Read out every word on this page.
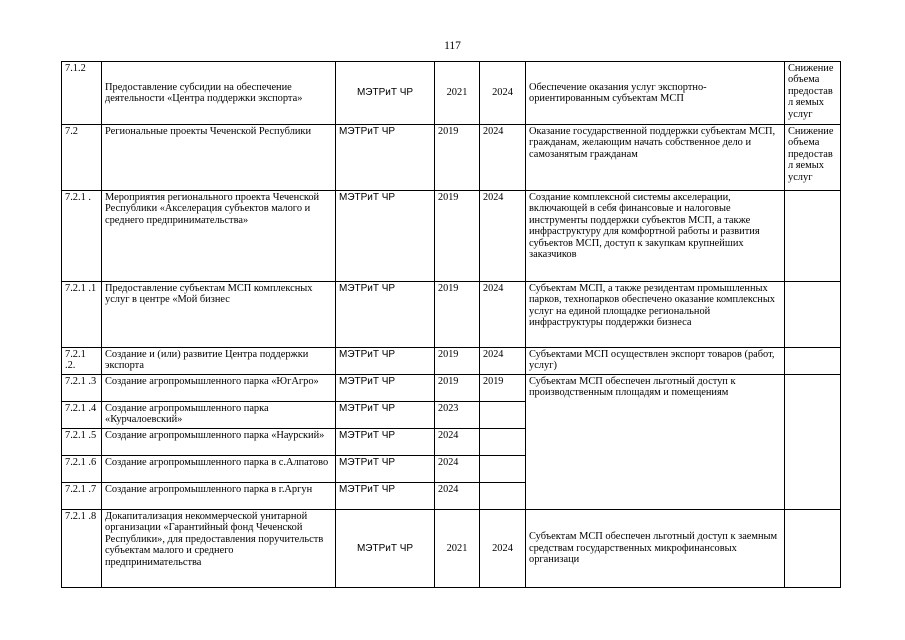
117
7.1.2	Предоставление субсидии на обеспечение деятельности «Центра поддержки экспорта»	МЭТРиТ ЧР	2021	2024	Обеспечение оказания услуг экспортно-ориентированным субъектам МСП	Снижение объема предоставл яемых услуг
7.2	Региональные проекты Чеченской Республики	МЭТРиТ ЧР	2019	2024	Оказание государственной поддержки субъектам МСП, гражданам, желающим начать собственное дело и самозанятым гражданам	Снижение объема предоставл яемых услуг
7.2.1 .	Мероприятия регионального проекта Чеченской Республики «Акселерация субъектов малого и среднего предпринимательства»	МЭТРиТ ЧР	2019	2024	Создание комплексной системы акселерации, включающей в себя финансовые и налоговые инструменты поддержки субъектов МСП, а также инфраструктуру для комфортной работы и развития субъектов МСП, доступ к закупкам крупнейших заказчиков	
7.2.1 .1	Предоставление субъектам МСП комплексных услуг в центре «Мой бизнес	МЭТРиТ ЧР	2019	2024	Субъектам МСП, а также резидентам промышленных парков, технопарков обеспечено оказание комплексных услуг на единой площадке региональной инфраструктуры поддержки бизнеса	
7.2.1 .2.	Создание и (или) развитие Центра поддержки экспорта	МЭТРиТ ЧР	2019	2024	Субъектами МСП осуществлен экспорт товаров (работ, услуг)	
7.2.1 .3	Создание агропромышленного парка «ЮгАгро»	МЭТРиТ ЧР	2019	2019	Субъектам МСП обеспечен льготный доступ к производственным площадям и помещениям	
7.2.1 .4	Создание агропромышленного парка «Курчалоевский»	МЭТРиТ ЧР	2023			
7.2.1 .5	Создание агропромышленного парка «Наурский»	МЭТРиТ ЧР	2024			
7.2.1 .6	Создание агропромышленного парка в с.Алпатово	МЭТРиТ ЧР	2024			
7.2.1 .7	Создание агропромышленного парка в г.Аргун	МЭТРиТ ЧР	2024			
7.2.1 .8	Докапитализация некоммерческой унитарной организации «Гарантийный фонд Чеченской Республики», для предоставления поручительств субъектам малого и среднего предпринимательства	МЭТРиТ ЧР	2021	2024	Субъектам МСП обеспечен льготный доступ к заемным средствам государственных микрофинансовых организаци	
